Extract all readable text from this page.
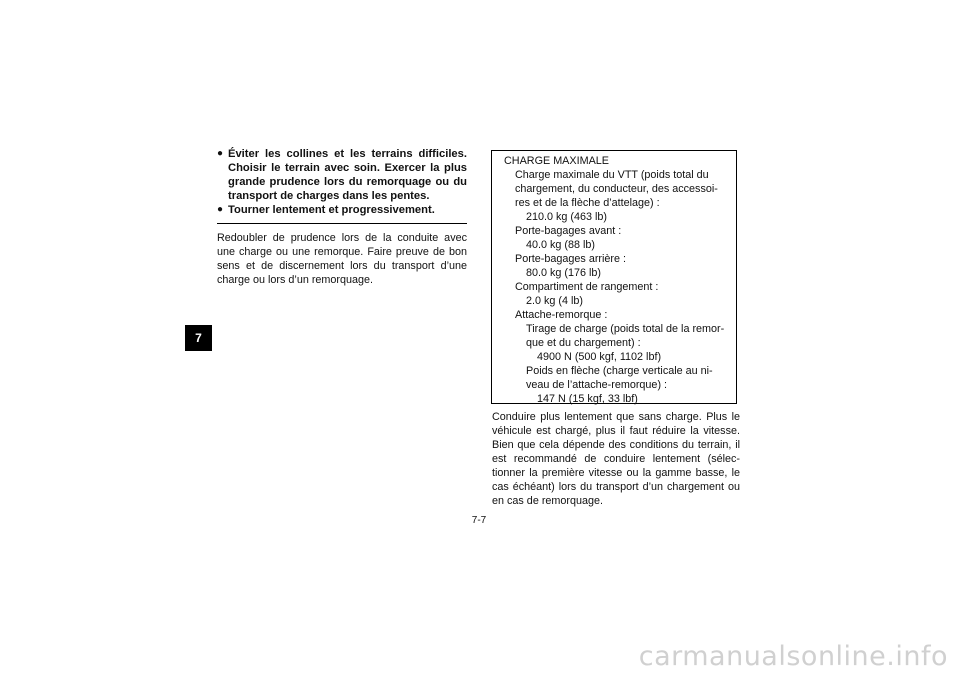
7
● Éviter les collines et les terrains difficiles. Choisir le terrain avec soin. Exercer la plus grande prudence lors du remorquage ou du transport de charges dans les pentes.
● Tourner lentement et progressivement.

Redoubler de prudence lors de la conduite avec une charge ou une remorque. Faire preuve de bon sens et de discernement lors du transport d’une charge ou lors d’un remorquage.

CHARGE MAXIMALE
Charge maximale du VTT (poids total du
chargement, du conducteur, des accessoi-
res et de la flèche d’attelage) :
210.0 kg (463 lb)
Porte-bagages avant :
40.0 kg (88 lb)
Porte-bagages arrière :
80.0 kg (176 lb)
Compartiment de rangement :
2.0 kg (4 lb)
Attache-remorque :
Tirage de charge (poids total de la remor-
que et du chargement) :
4900 N (500 kgf, 1102 lbf)
Poids en flèche (charge verticale au ni-
veau de l’attache-remorque) :
147 N (15 kgf, 33 lbf)

Conduire plus lentement que sans charge. Plus le véhicule est chargé, plus il faut réduire la vitesse. Bien que cela dépende des conditions du terrain, il est recommandé de conduire lentement (sélec-tionner la première vitesse ou la gamme basse, le cas échéant) lors du transport d’un chargement ou en cas de remorquage.

7-7
carmanualsonline.info
